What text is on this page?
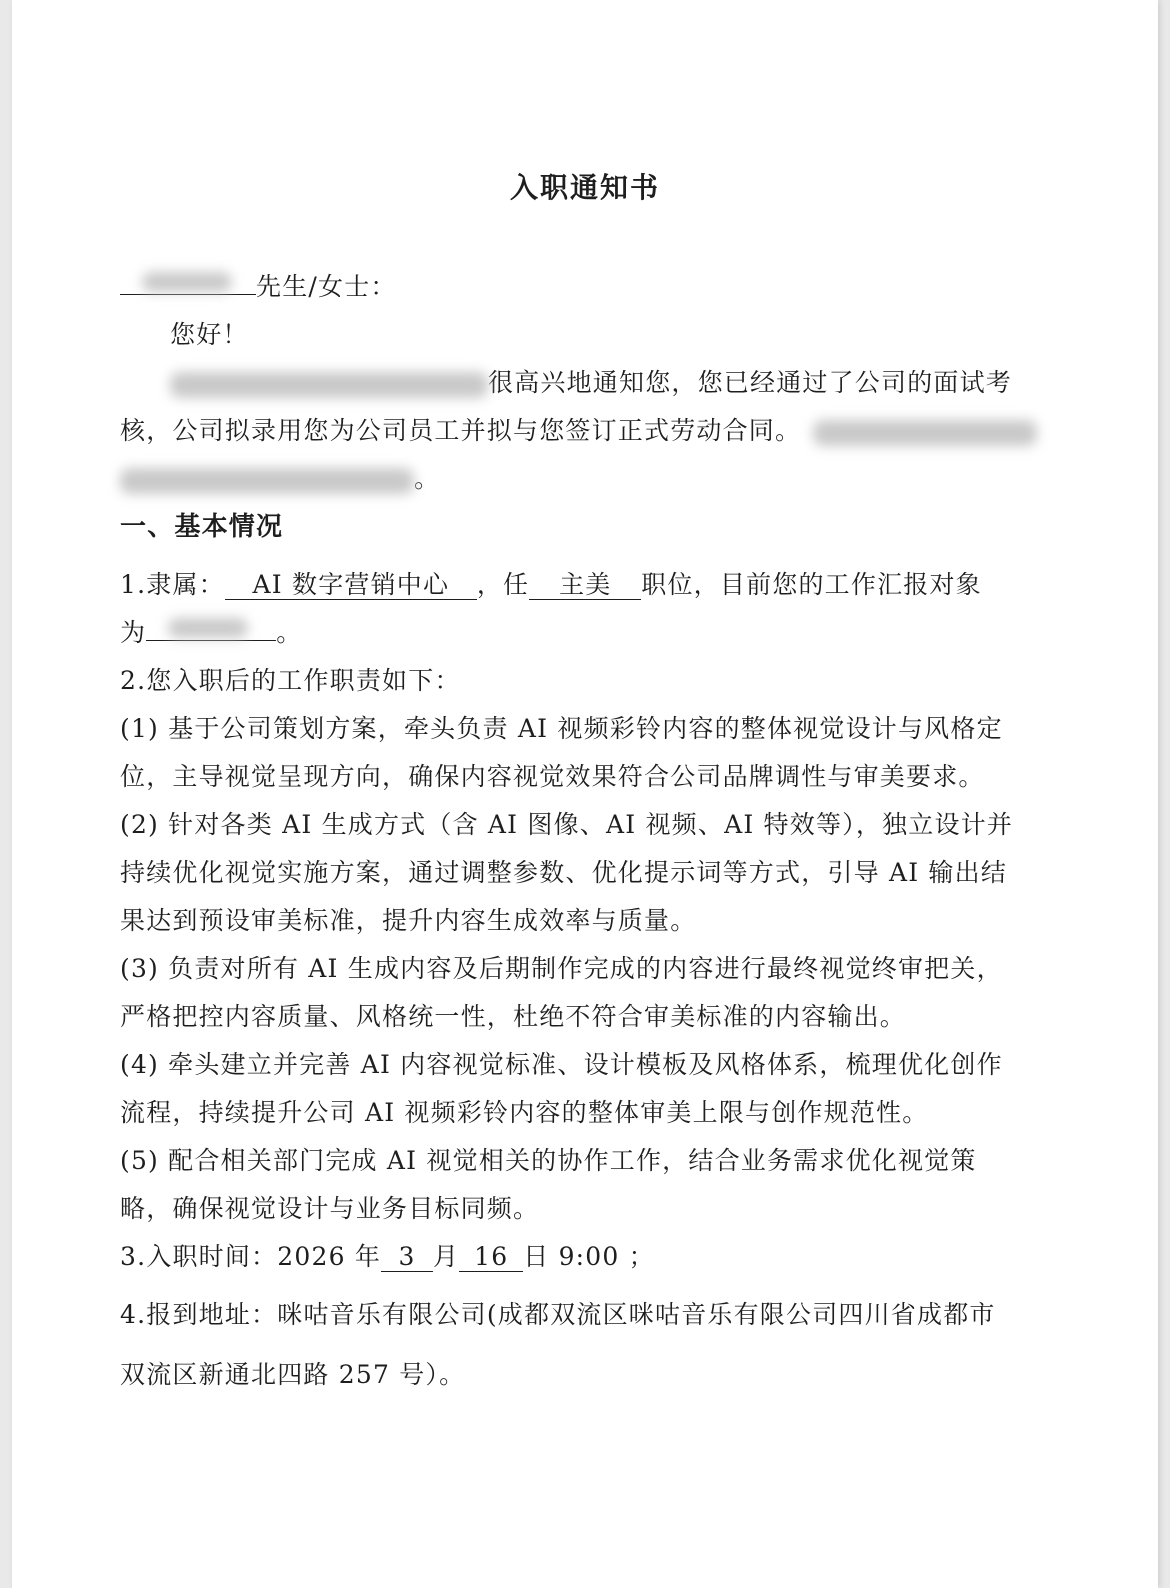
入职通知书
先生/女士：
您好！
很高兴地通知您，您已经通过了公司的面试考
核，公司拟录用您为公司员工并拟与您签订正式劳动合同。
。
一、基本情况
1.隶属： AI 数字营销中心 ，任 主美 职位，目前您的工作汇报对象
为	。
2.您入职后的工作职责如下：
(1) 基于公司策划方案，牵头负责 AI 视频彩铃内容的整体视觉设计与风格定
位，主导视觉呈现方向，确保内容视觉效果符合公司品牌调性与审美要求。
(2) 针对各类 AI 生成方式（含 AI 图像、AI 视频、AI 特效等），独立设计并
持续优化视觉实施方案，通过调整参数、优化提示词等方式，引导 AI 输出结
果达到预设审美标准，提升内容生成效率与质量。
(3) 负责对所有 AI 生成内容及后期制作完成的内容进行最终视觉终审把关，
严格把控内容质量、风格统一性，杜绝不符合审美标准的内容输出。
(4) 牵头建立并完善 AI 内容视觉标准、设计模板及风格体系，梳理优化创作
流程，持续提升公司 AI 视频彩铃内容的整体审美上限与创作规范性。
(5) 配合相关部门完成 AI 视觉相关的协作工作，结合业务需求优化视觉策
略，确保视觉设计与业务目标同频。
3.入职时间：2026 年 3 月 16 日 9:00 ；
4.报到地址：咪咕音乐有限公司(成都双流区咪咕音乐有限公司四川省成都市
双流区新通北四路 257 号）。
